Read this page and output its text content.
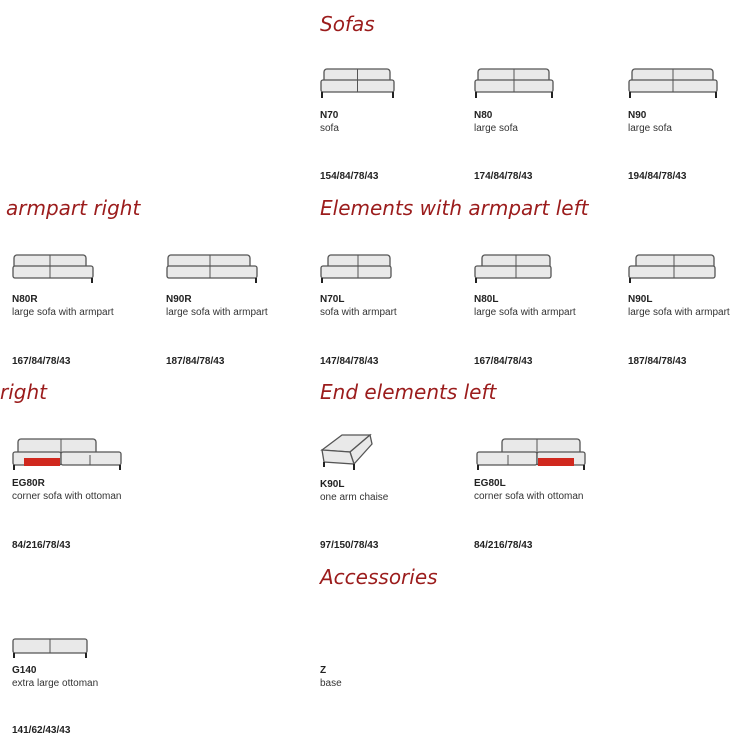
Sofas
armpart right	Elements with armpart left
right	End elements left
Accessories
N70
sofa
154/84/78/43
N80
large sofa
174/84/78/43
N90
large sofa
194/84/78/43
N80R
large sofa with armpart
167/84/78/43
N90R
large sofa with armpart
187/84/78/43
N70L
sofa with armpart
147/84/78/43
N80L
large sofa with armpart
167/84/78/43
N90L
large sofa with armpart
187/84/78/43
EG80R
corner sofa with ottoman
84/216/78/43
K90L
one arm chaise
97/150/78/43
EG80L
corner sofa with ottoman
84/216/78/43
G140
extra large ottoman
141/62/43/43
Z
base
